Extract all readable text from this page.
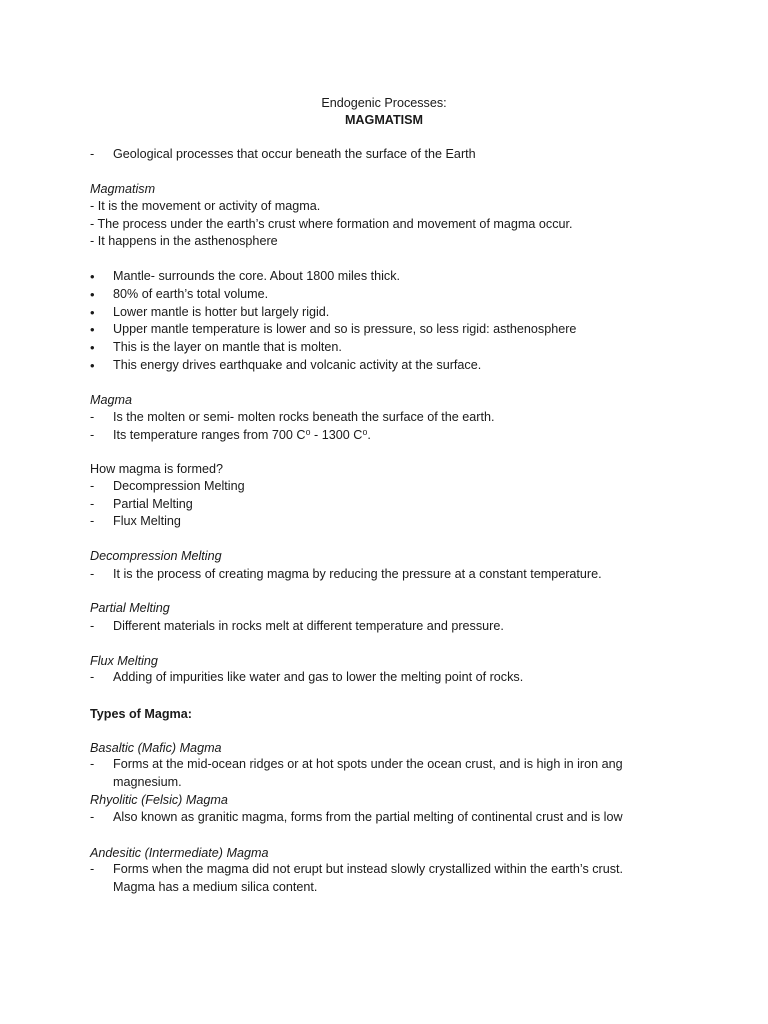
Endogenic Processes:
MAGMATISM
- Geological processes that occur beneath the surface of the Earth
Magmatism
- It is the movement or activity of magma.
- The process under the earth’s crust where formation and movement of magma occur.
- It happens in the asthenosphere
• Mantle- surrounds the core. About 1800 miles thick.
• 80% of earth’s total volume.
• Lower mantle is hotter but largely rigid.
• Upper mantle temperature is lower and so is pressure, so less rigid: asthenosphere
• This is the layer on mantle that is molten.
• This energy drives earthquake and volcanic activity at the surface.
Magma
- Is the molten or semi- molten rocks beneath the surface of the earth.
- Its temperature ranges from 700 C⁰ - 1300 C⁰.
How magma is formed?
- Decompression Melting
- Partial Melting
- Flux Melting
Decompression Melting
- It is the process of creating magma by reducing the pressure at a constant temperature.
Partial Melting
- Different materials in rocks melt at different temperature and pressure.
Flux Melting
- Adding of impurities like water and gas to lower the melting point of rocks.
Types of Magma:
Basaltic (Mafic) Magma
- Forms at the mid-ocean ridges or at hot spots under the ocean crust, and is high in iron ang
magnesium.
Rhyolitic (Felsic) Magma
- Also known as granitic magma, forms from the partial melting of continental crust and is low
Andesitic (Intermediate) Magma
- Forms when the magma did not erupt but instead slowly crystallized within the earth’s crust.
Magma has a medium silica content.
